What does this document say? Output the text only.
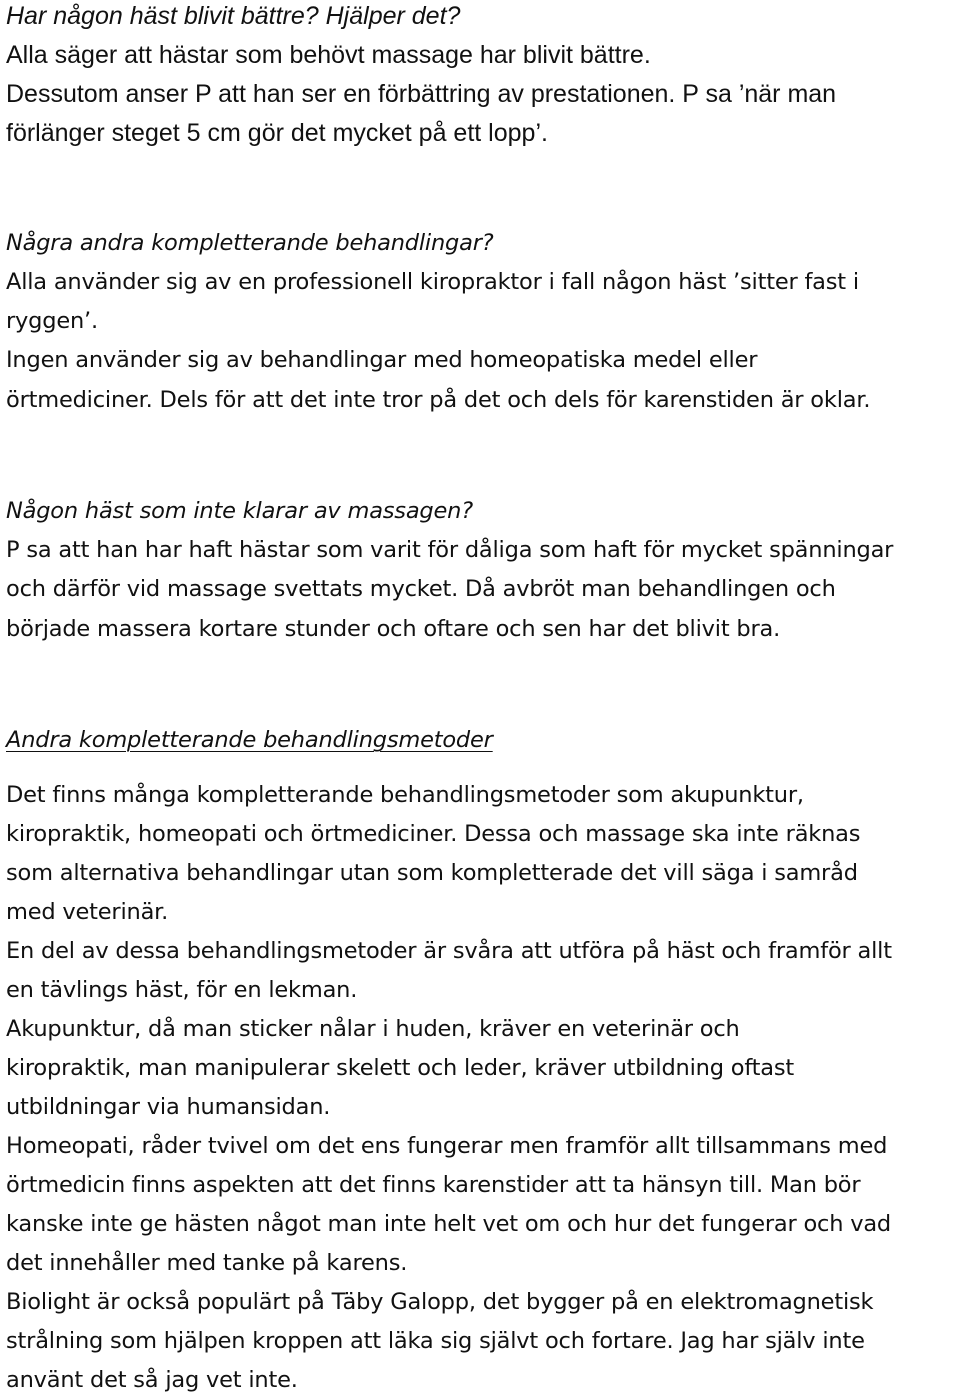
Har någon häst blivit bättre? Hjälper det?

Alla säger att hästar som behövt massage har blivit bättre.

Dessutom anser P att han ser en förbättring av prestationen. P sa ’när man

förlänger steget 5 cm gör det mycket på ett lopp’.

Några andra kompletterande behandlingar?

Alla använder sig av en professionell kiropraktor i fall någon häst ’sitter fast i

ryggen’.

Ingen använder sig av behandlingar med homeopatiska medel eller

örtmediciner. Dels för att det inte tror på det och dels för karenstiden är oklar.

Någon häst som inte klarar av massagen?

P sa att han har haft hästar som varit för dåliga som haft för mycket spänningar

och därför vid massage svettats mycket. Då avbröt man behandlingen och

började massera kortare stunder och oftare och sen har det blivit bra.

Andra kompletterande behandlingsmetoder

Det finns många kompletterande behandlingsmetoder som akupunktur,

kiropraktik, homeopati och örtmediciner. Dessa och massage ska inte räknas

som alternativa behandlingar utan som kompletterade det vill säga i samråd

med veterinär.

En del av dessa behandlingsmetoder är svåra att utföra på häst och framför allt

en tävlings häst, för en lekman.

Akupunktur, då man sticker nålar i huden, kräver en veterinär och

kiropraktik, man manipulerar skelett och leder, kräver utbildning oftast

utbildningar via humansidan.

Homeopati, råder tvivel om det ens fungerar men framför allt tillsammans med

örtmedicin finns aspekten att det finns karenstider att ta hänsyn till. Man bör

kanske inte ge hästen något man inte helt vet om och hur det fungerar och vad

det innehåller med tanke på karens.

Biolight är också populärt på Täby Galopp, det bygger på en elektromagnetisk

strålning som hjälpen kroppen att läka sig självt och fortare. Jag har själv inte

använt det så jag vet inte.
